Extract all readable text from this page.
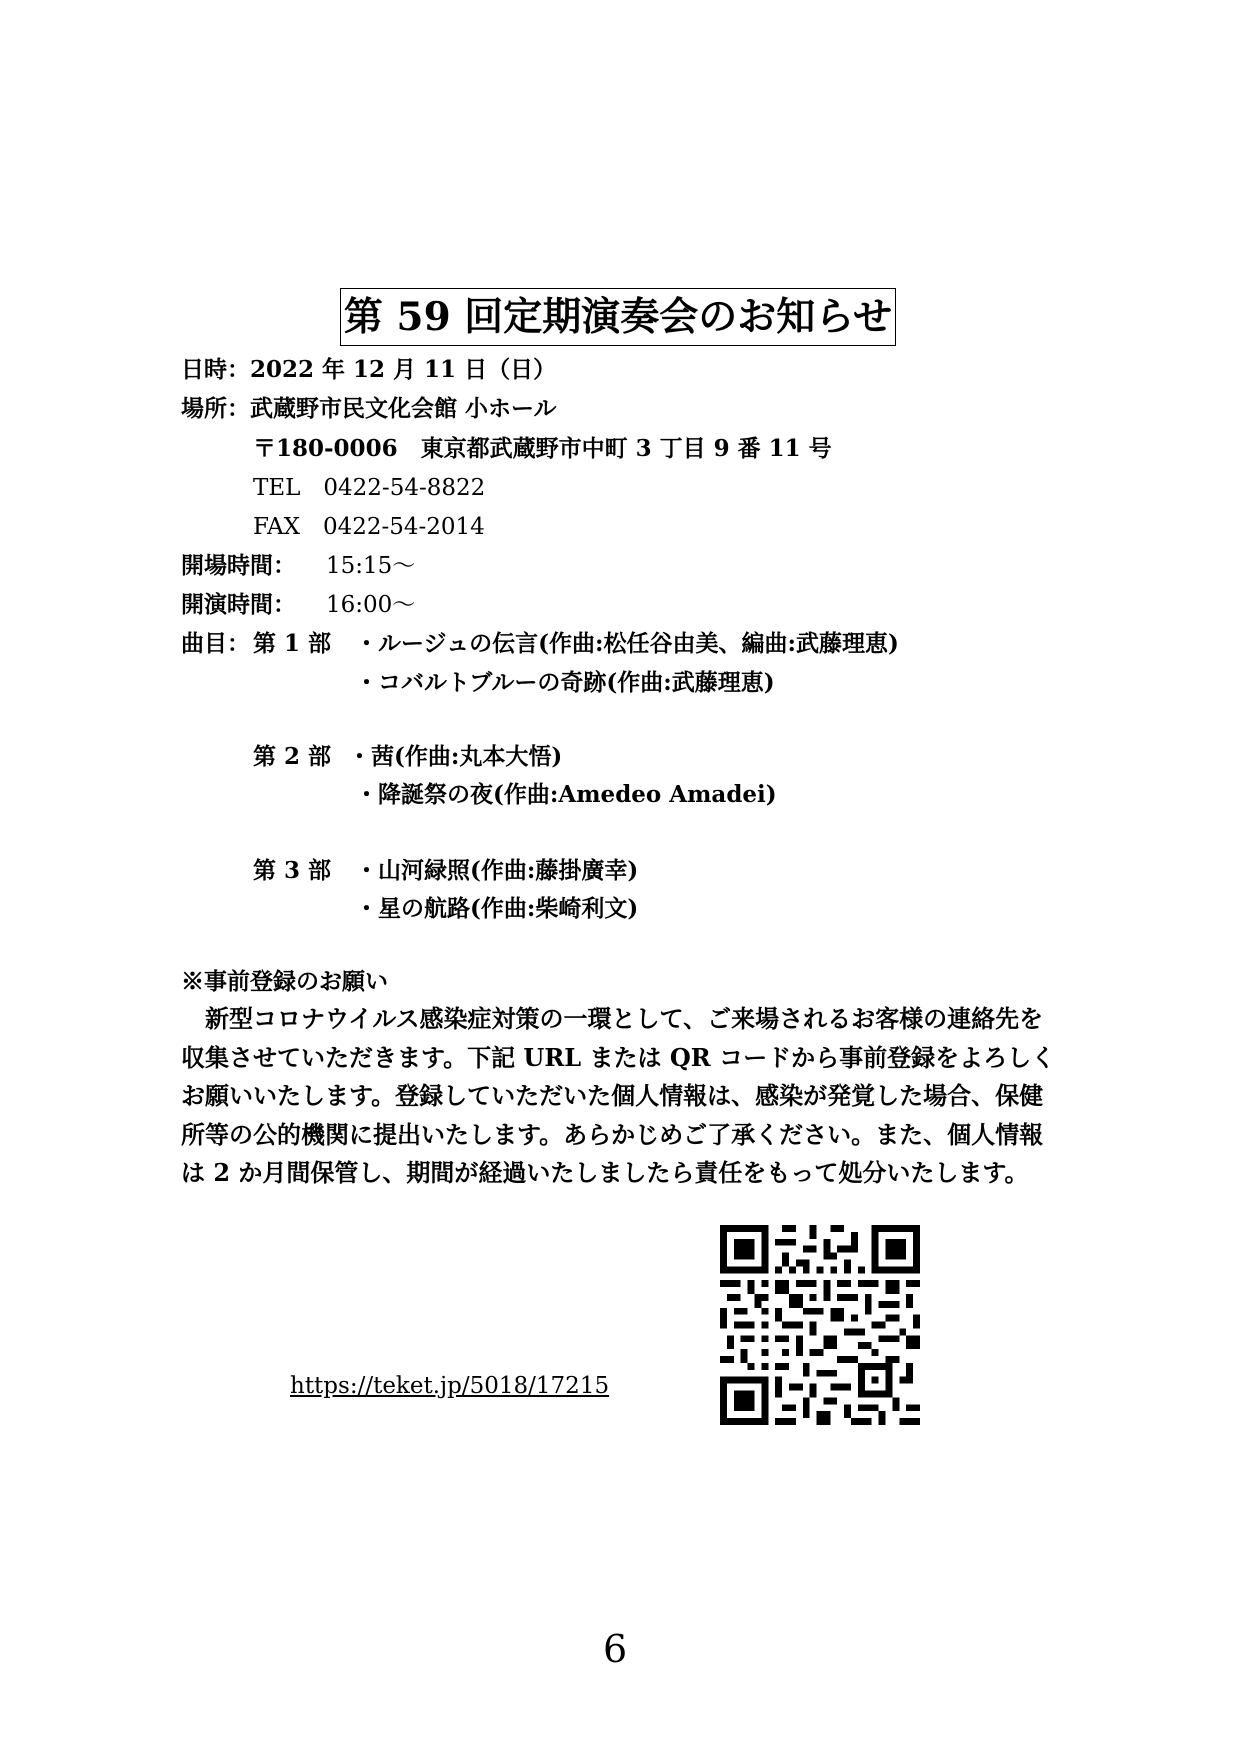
第 59 回定期演奏会のお知らせ
日時：2022 年 12 月 11 日（日）
場所：武蔵野市民文化会館 小ホール
〒180-0006　東京都武蔵野市中町 3 丁目 9 番 11 号
TEL　0422-54-8822
FAX　0422-54-2014
開場時間： 15:15～
開演時間： 16:00～
曲目： 第 1 部 ・ルージュの伝言(作曲:松任谷由美、編曲:武藤理恵)
・コバルトブルーの奇跡(作曲:武藤理恵)
第 2 部 ・茜(作曲:丸本大悟)
・降誕祭の夜(作曲:Amedeo Amadei)
第 3 部 ・山河緑照(作曲:藤掛廣幸)
・星の航路(作曲:柴崎利文)
※事前登録のお願い

新型コロナウイルス感染症対策の一環として、ご来場されるお客様の連絡先を収集させていただきます。下記 URL または QR コードから事前登録をよろしくお願いいたします。登録していただいた個人情報は、感染が発覚した場合、保健所等の公的機関に提出いたします。あらかじめご了承ください。また、個人情報は 2 か月間保管し、期間が経過いたしましたら責任をもって処分いたします。

https://teket.jp/5018/17215
6
